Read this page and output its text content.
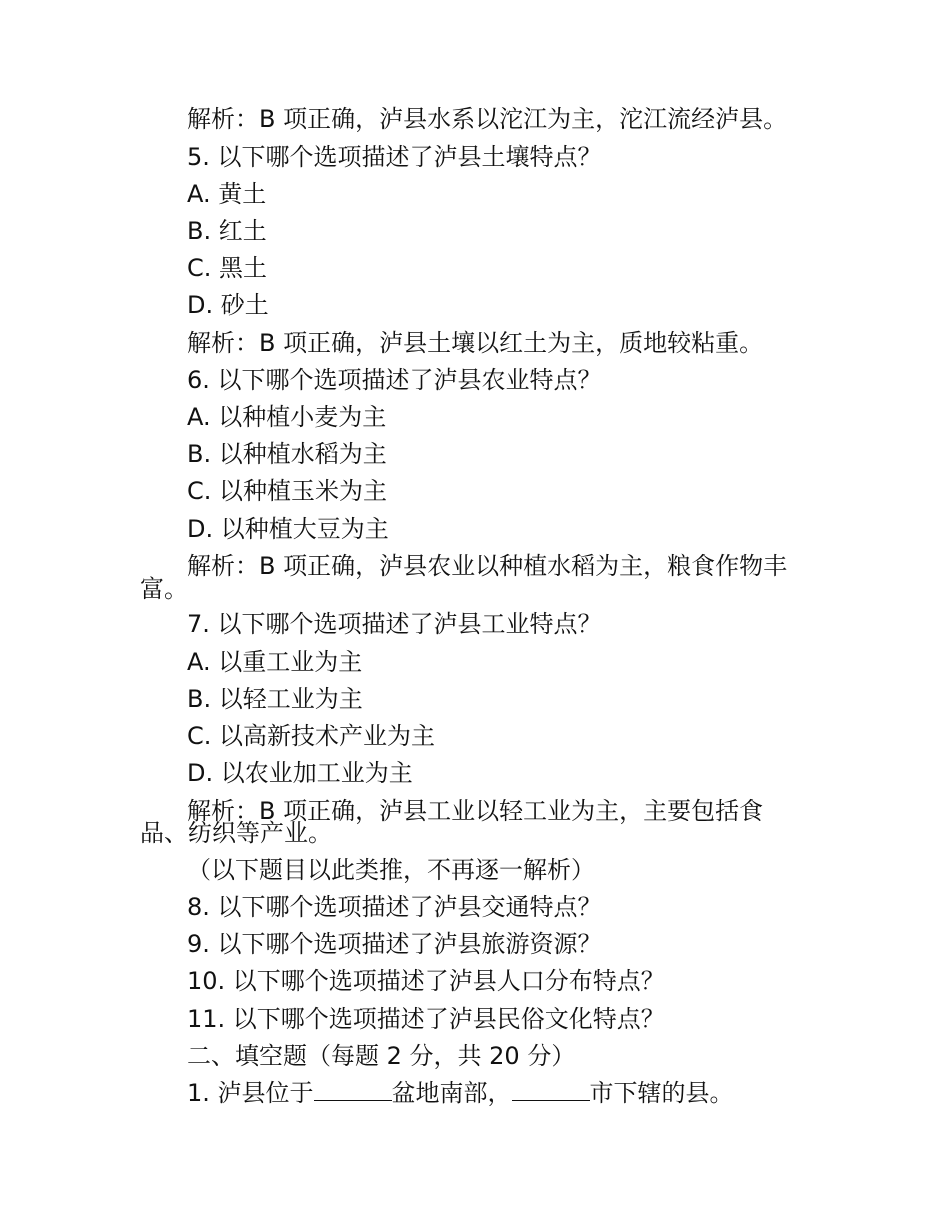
解析：B 项正确，泸县水系以沱江为主，沱江流经泸县。
5. 以下哪个选项描述了泸县土壤特点？
A. 黄土
B. 红土
C. 黑土
D. 砂土
解析：B 项正确，泸县土壤以红土为主，质地较粘重。
6. 以下哪个选项描述了泸县农业特点？
A. 以种植小麦为主
B. 以种植水稻为主
C. 以种植玉米为主
D. 以种植大豆为主
解析：B 项正确，泸县农业以种植水稻为主，粮食作物丰
富。
7. 以下哪个选项描述了泸县工业特点？
A. 以重工业为主
B. 以轻工业为主
C. 以高新技术产业为主
D. 以农业加工业为主
解析：B 项正确，泸县工业以轻工业为主，主要包括食
品、纺织等产业。
（以下题目以此类推，不再逐一解析）
8. 以下哪个选项描述了泸县交通特点？
9. 以下哪个选项描述了泸县旅游资源？
10. 以下哪个选项描述了泸县人口分布特点？
11. 以下哪个选项描述了泸县民俗文化特点？
二、填空题（每题 2 分，共 20 分）
1. 泸县位于	盆地南部，	市下辖的县。
